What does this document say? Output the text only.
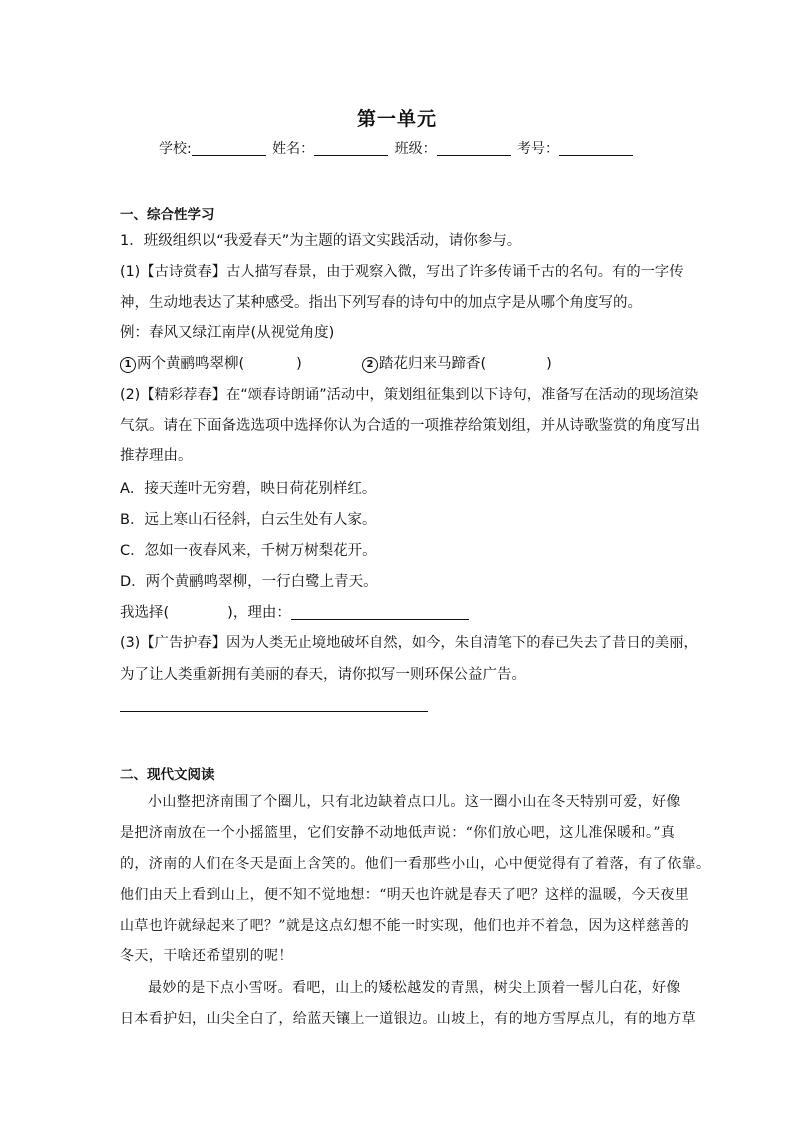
第一单元
学校:	姓名：	班级：	考号：
一、综合性学习
1．班级组织以“我爱春天”为主题的语文实践活动，请你参与。
(1)【古诗赏春】古人描写春景，由于观察入微，写出了许多传诵千古的名句。有的一字传
神，生动地表达了某种感受。指出下列写春的诗句中的加点字是从哪个角度写的。
例：春风又绿江南岸(从视觉角度)
1 两个黄鹂鸣翠柳(	)	2 踏花归来马蹄香(	)
(2)【精彩荐春】在“颂春诗朗诵”活动中，策划组征集到以下诗句，准备写在活动的现场渲染
气氛。请在下面备选选项中选择你认为合适的一项推荐给策划组，并从诗歌鉴赏的角度写出
推荐理由。
A．接天莲叶无穷碧，映日荷花别样红。
B．远上寒山石径斜，白云生处有人家。
C．忽如一夜春风来，千树万树梨花开。
D．两个黄鹂鸣翠柳，一行白鹭上青天。
我选择(	)，理由：
(3)【广告护春】因为人类无止境地破坏自然，如今，朱自清笔下的春已失去了昔日的美丽，
为了让人类重新拥有美丽的春天，请你拟写一则环保公益广告。
二、现代文阅读
小山整把济南围了个圈儿，只有北边缺着点口儿。这一圈小山在冬天特别可爱，好像
是把济南放在一个小摇篮里，它们安静不动地低声说：“你们放心吧，这儿准保暖和。”真
的，济南的人们在冬天是面上含笑的。他们一看那些小山，心中便觉得有了着落，有了依靠。
他们由天上看到山上，便不知不觉地想：“明天也许就是春天了吧？这样的温暖，今天夜里
山草也许就绿起来了吧？”就是这点幻想不能一时实现，他们也并不着急，因为这样慈善的
冬天，干啥还希望别的呢！
最妙的是下点小雪呀。看吧，山上的矮松越发的青黑，树尖上顶着一髻儿白花，好像
日本看护妇，山尖全白了，给蓝天镶上一道银边。山坡上，有的地方雪厚点儿，有的地方草
